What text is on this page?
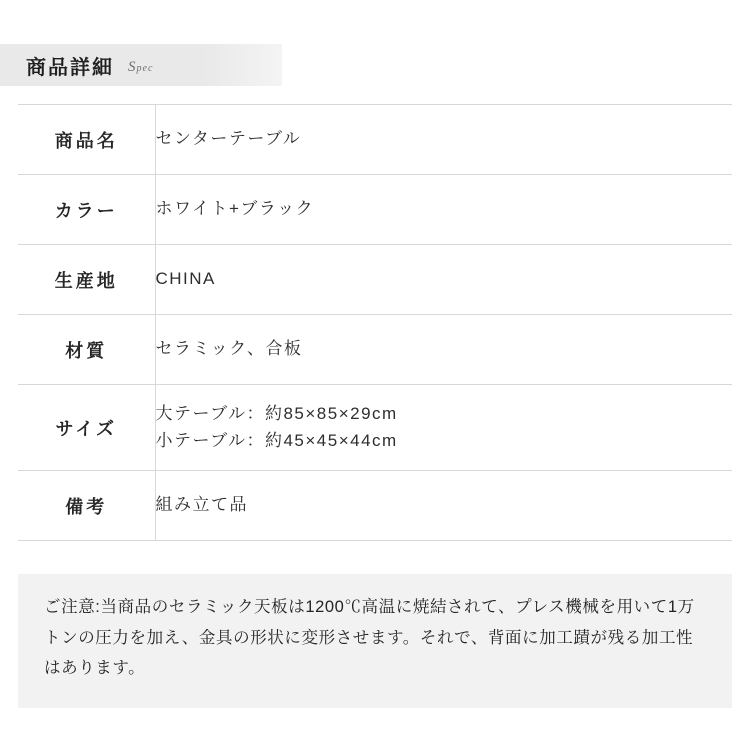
商品詳細 Spec
商品名	センターテーブル

カラー	ホワイト+ブラック

生産地	CHINA

材質	セラミック、合板

サイズ	大テーブル：約85×85×29cm
小テーブル：約45×45×44cm

備考	組み立て品
ご注意:当商品のセラミック天板は1200℃高温に焼結されて、プレス機械を用いて1万トンの圧力を加え、金具の形状に変形させます。それで、背面に加工蹟が残る加工性はあります。
